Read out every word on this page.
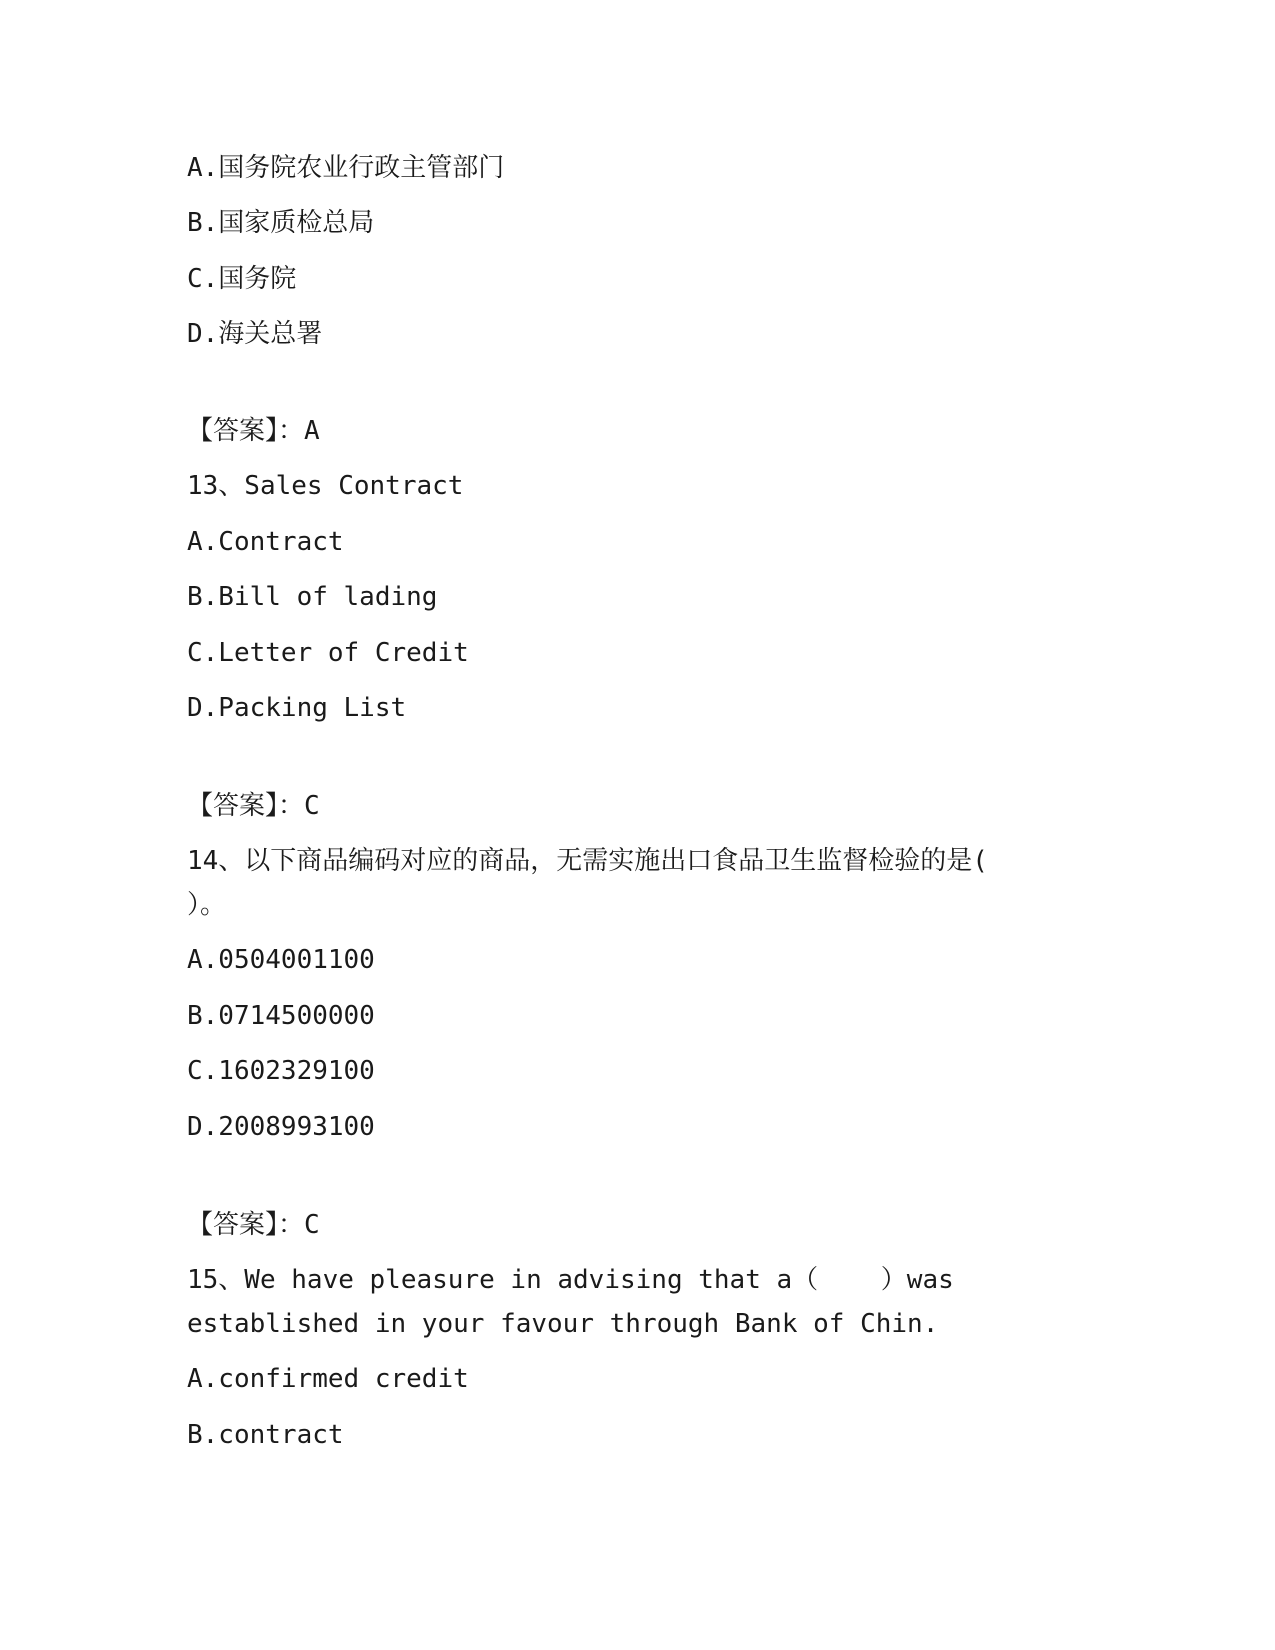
A.国务院农业行政主管部门
B.国家质检总局
C.国务院
D.海关总署
【答案】：A
13、Sales Contract
A.Contract
B.Bill of lading
C.Letter of Credit
D.Packing List
【答案】：C
14、以下商品编码对应的商品，无需实施出口食品卫生监督检验的是(
）。
A.0504001100
B.0714500000
C.1602329100
D.2008993100
【答案】：C
15、We have pleasure in advising that a（    ）was
established in your favour through Bank of Chin.
A.confirmed credit
B.contract
